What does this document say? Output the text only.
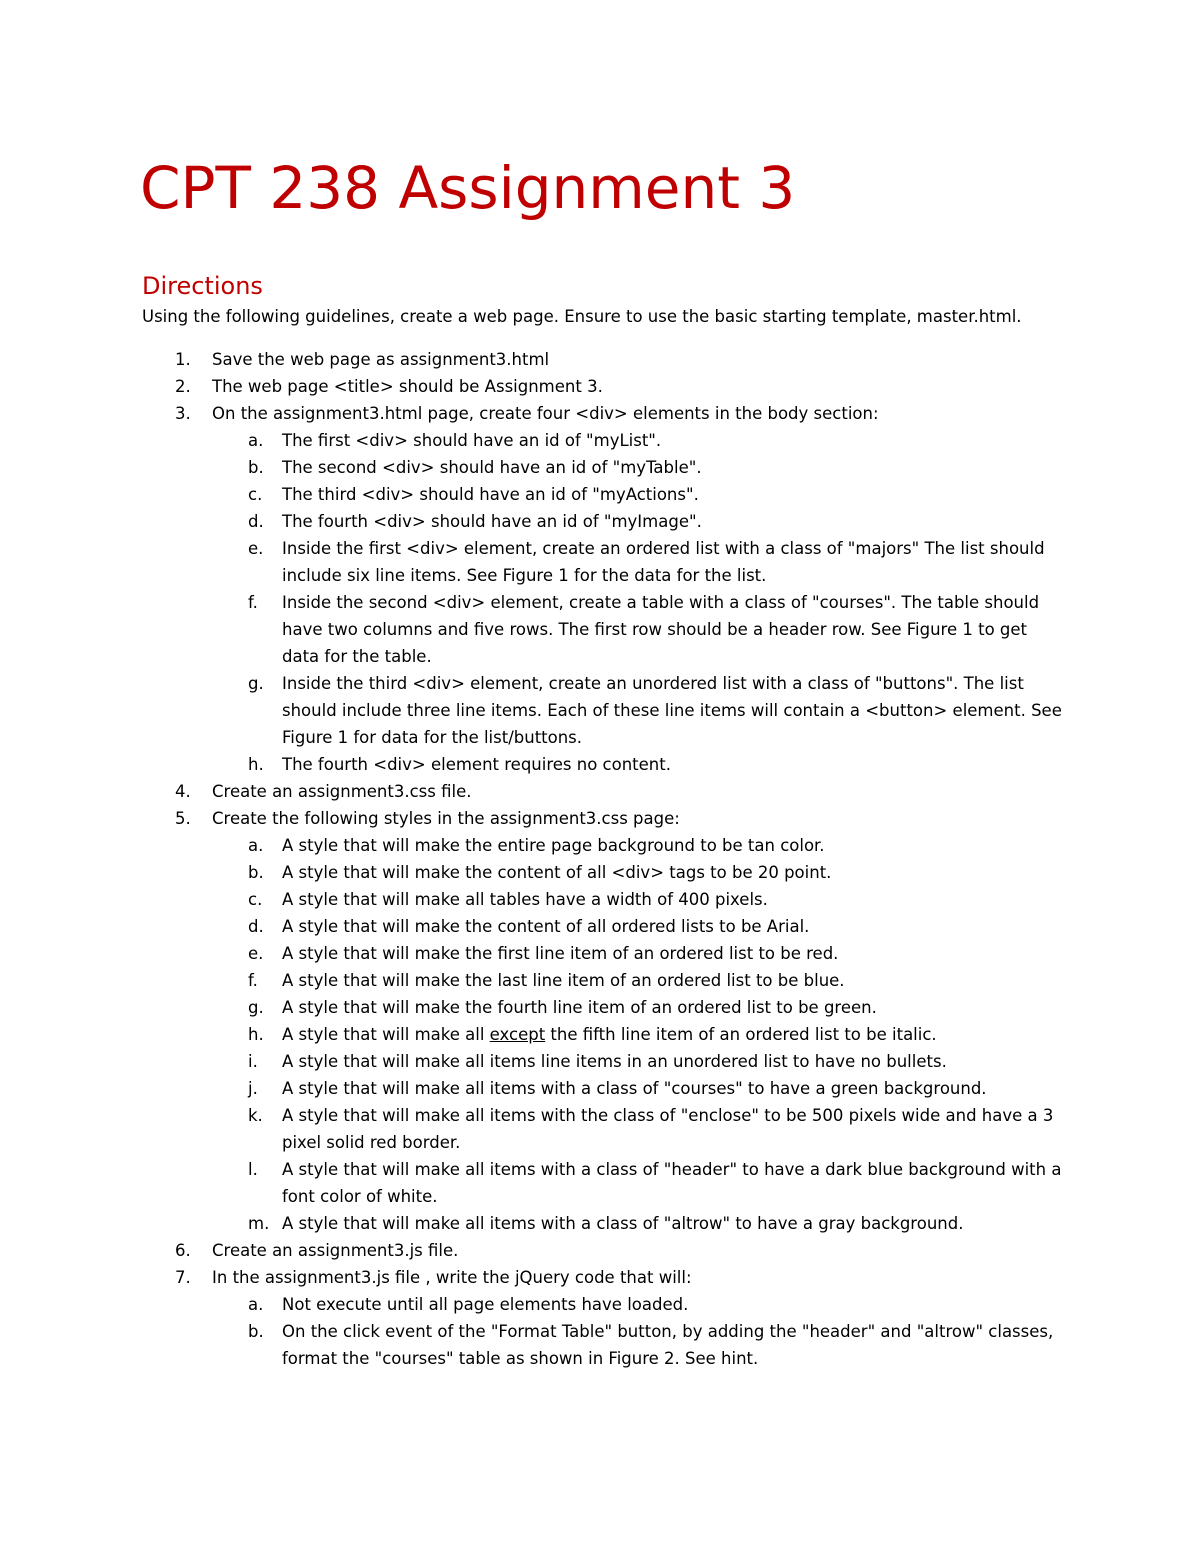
CPT 238 Assignment 3
Directions

Using the following guidelines, create a web page. Ensure to use the basic starting template, master.html.

1. Save the web page as assignment3.html
2. The web page <title> should be Assignment 3.
3. On the assignment3.html page, create four <div> elements in the body section:
a. The first <div> should have an id of "myList".
b. The second <div> should have an id of "myTable".
c. The third <div> should have an id of "myActions".
d. The fourth <div> should have an id of "myImage".
e. Inside the first <div> element, create an ordered list with a class of "majors" The list should include six line items. See Figure 1 for the data for the list.
f. Inside the second <div> element, create a table with a class of "courses". The table should have two columns and five rows. The first row should be a header row. See Figure 1 to get data for the table.
g. Inside the third <div> element, create an unordered list with a class of "buttons". The list should include three line items. Each of these line items will contain a <button> element. See Figure 1 for data for the list/buttons.
h. The fourth <div> element requires no content.
4. Create an assignment3.css file.
5. Create the following styles in the assignment3.css page:
a. A style that will make the entire page background to be tan color.
b. A style that will make the content of all <div> tags to be 20 point.
c. A style that will make all tables have a width of 400 pixels.
d. A style that will make the content of all ordered lists to be Arial.
e. A style that will make the first line item of an ordered list to be red.
f. A style that will make the last line item of an ordered list to be blue.
g. A style that will make the fourth line item of an ordered list to be green.
h. A style that will make all except the fifth line item of an ordered list to be italic.
i. A style that will make all items line items in an unordered list to have no bullets.
j. A style that will make all items with a class of "courses" to have a green background.
k. A style that will make all items with the class of "enclose" to be 500 pixels wide and have a 3 pixel solid red border.
l. A style that will make all items with a class of "header" to have a dark blue background with a font color of white.
m. A style that will make all items with a class of "altrow" to have a gray background.
6. Create an assignment3.js file.
7. In the assignment3.js file , write the jQuery code that will:
a. Not execute until all page elements have loaded.
b. On the click event of the "Format Table" button, by adding the "header" and "altrow" classes, format the "courses" table as shown in Figure 2. See hint.
